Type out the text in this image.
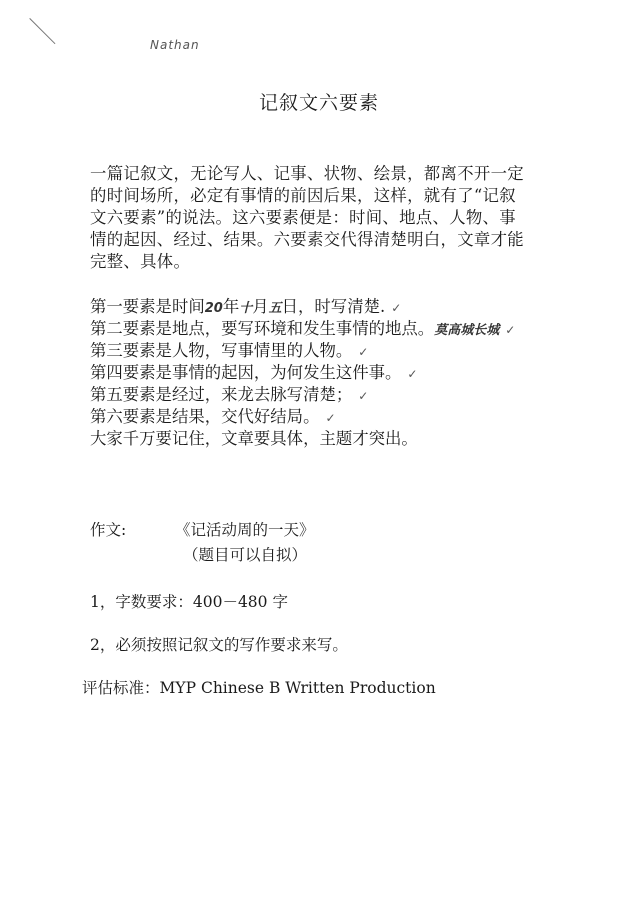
Nathan
记叙文六要素

一篇记叙文，无论写人、记事、状物、绘景，都离不开一定的时间场所，必定有事情的前因后果，这样，就有了“记叙文六要素”的说法。这六要素便是：时间、地点、人物、事情的起因、经过、结果。六要素交代得清楚明白，文章才能完整、具体。

第一要素是时间20年十月五日，时写清楚. ✓
第二要素是地点，要写环境和发生事情的地点。莫高城长城 ✓
第三要素是人物，写事情里的人物。 ✓
第四要素是事情的起因，为何发生这件事。 ✓
第五要素是经过，来龙去脉写清楚； ✓
第六要素是结果，交代好结局。 ✓
大家千万要记住，文章要具体，主题才突出。
作文:	《记活动周的一天》
（题目可以自拟）
1，字数要求：400－480 字
2，必须按照记叙文的写作要求来写。
评估标准：MYP Chinese B Written Production
